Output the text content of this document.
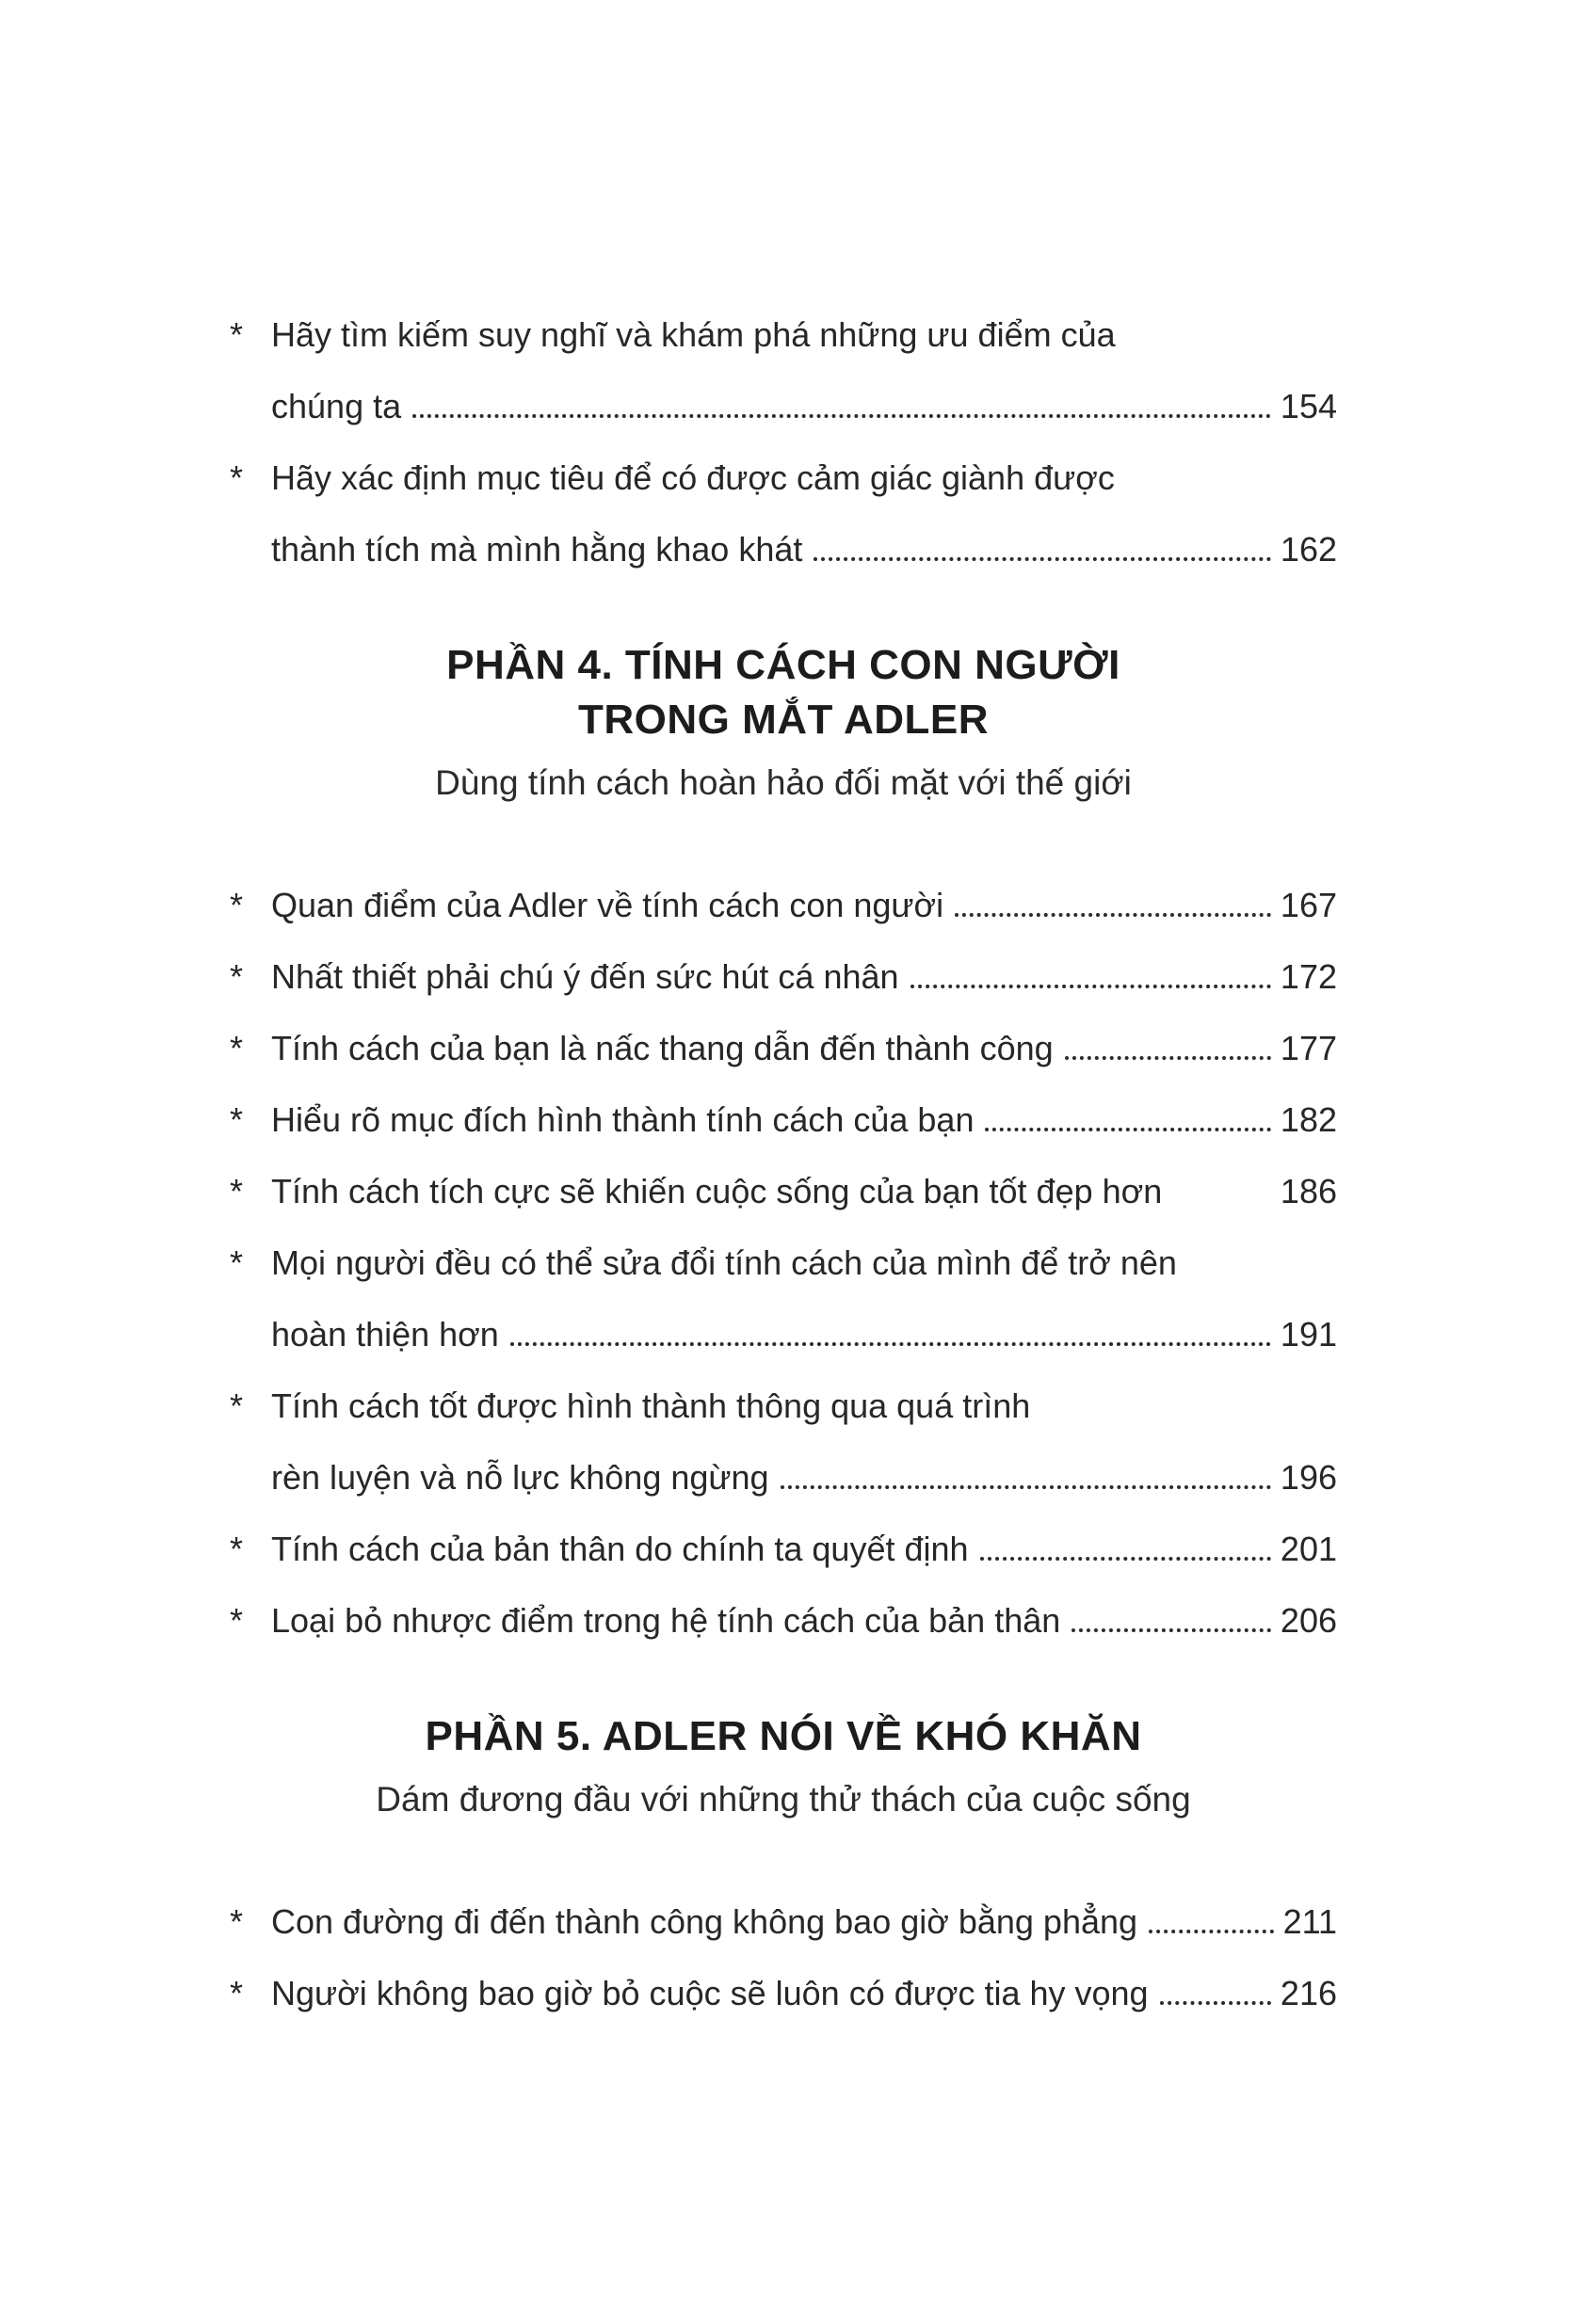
* Hãy tìm kiếm suy nghĩ và khám phá những ưu điểm của
chúng ta	154
* Hãy xác định mục tiêu để có được cảm giác giành được
thành tích mà mình hằng khao khát	162
PHẦN 4. TÍNH CÁCH CON NGƯỜI
TRONG MẮT ADLER
Dùng tính cách hoàn hảo đối mặt với thế giới
* Quan điểm của Adler về tính cách con người	167
* Nhất thiết phải chú ý đến sức hút cá nhân	172
* Tính cách của bạn là nấc thang dẫn đến thành công	177
* Hiểu rõ mục đích hình thành tính cách của bạn	182
* Tính cách tích cực sẽ khiến cuộc sống của bạn tốt đẹp hơn	186
* Mọi người đều có thể sửa đổi tính cách của mình để trở nên
hoàn thiện hơn	191
* Tính cách tốt được hình thành thông qua quá trình
rèn luyện và nỗ lực không ngừng	196
* Tính cách của bản thân do chính ta quyết định	201
* Loại bỏ nhược điểm trong hệ tính cách của bản thân	206
PHẦN 5. ADLER NÓI VỀ KHÓ KHĂN
Dám đương đầu với những thử thách của cuộc sống
* Con đường đi đến thành công không bao giờ bằng phẳng	211
* Người không bao giờ bỏ cuộc sẽ luôn có được tia hy vọng	216
